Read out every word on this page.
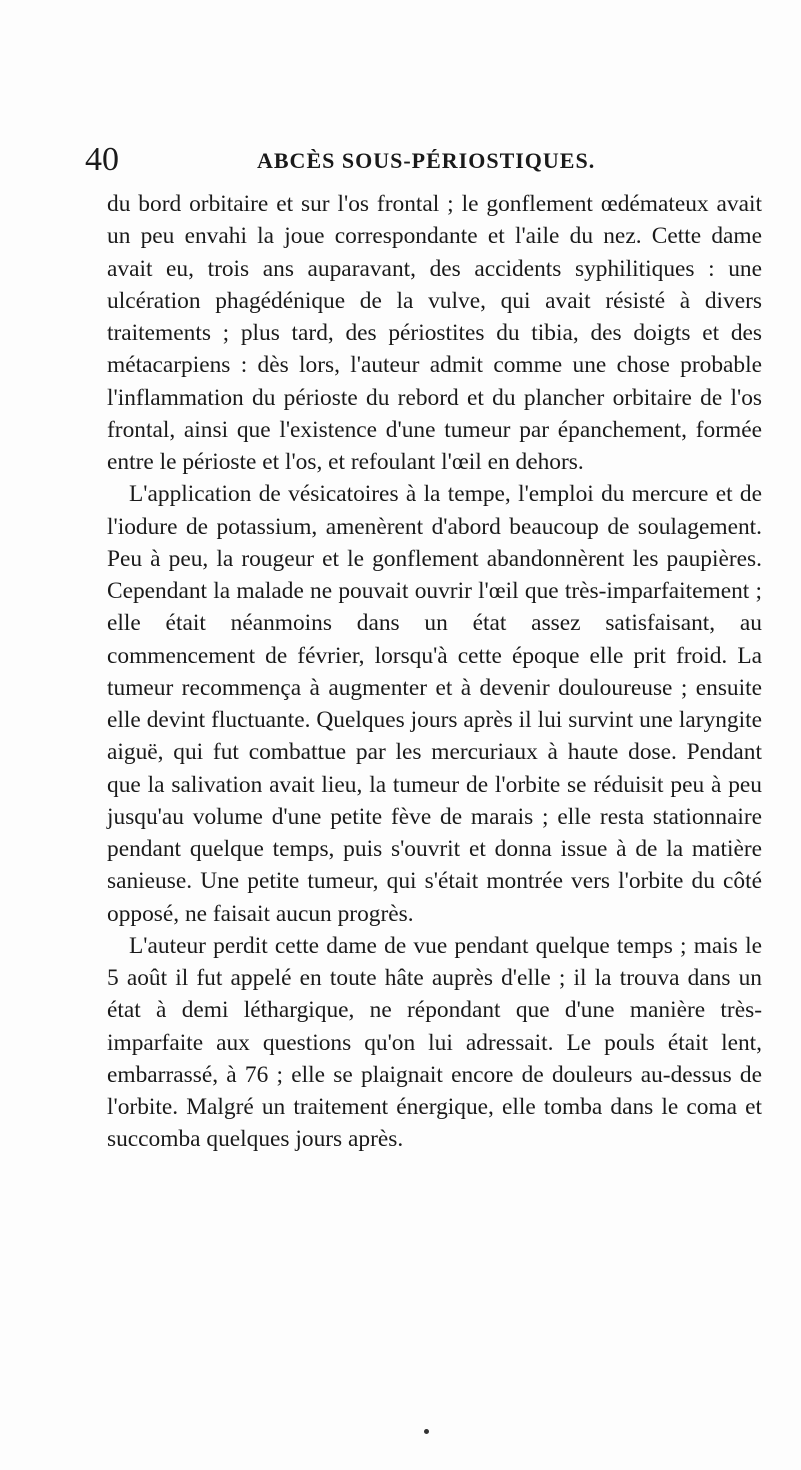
40	ABCÈS SOUS-PÉRIOSTIQUES.

du bord orbitaire et sur l'os frontal ; le gonflement œdémateux avait un peu envahi la joue correspondante et l'aile du nez. Cette dame avait eu, trois ans auparavant, des accidents syphilitiques : une ulcération phagédénique de la vulve, qui avait résisté à divers traitements ; plus tard, des périostites du tibia, des doigts et des métacarpiens : dès lors, l'auteur admit comme une chose probable l'inflammation du périoste du rebord et du plancher orbitaire de l'os frontal, ainsi que l'existence d'une tumeur par épanchement, formée entre le périoste et l'os, et refoulant l'œil en dehors.

L'application de vésicatoires à la tempe, l'emploi du mercure et de l'iodure de potassium, amenèrent d'abord beaucoup de soulagement. Peu à peu, la rougeur et le gonflement abandonnèrent les paupières. Cependant la malade ne pouvait ouvrir l'œil que très-imparfaitement ; elle était néanmoins dans un état assez satisfaisant, au commencement de février, lorsqu'à cette époque elle prit froid. La tumeur recommença à augmenter et à devenir douloureuse ; ensuite elle devint fluctuante. Quelques jours après il lui survint une laryngite aiguë, qui fut combattue par les mercuriaux à haute dose. Pendant que la salivation avait lieu, la tumeur de l'orbite se réduisit peu à peu jusqu'au volume d'une petite fève de marais ; elle resta stationnaire pendant quelque temps, puis s'ouvrit et donna issue à de la matière sanieuse. Une petite tumeur, qui s'était montrée vers l'orbite du côté opposé, ne faisait aucun progrès.

L'auteur perdit cette dame de vue pendant quelque temps ; mais le 5 août il fut appelé en toute hâte auprès d'elle ; il la trouva dans un état à demi léthargique, ne répondant que d'une manière très-imparfaite aux questions qu'on lui adressait. Le pouls était lent, embarrassé, à 76 ; elle se plaignait encore de douleurs au-dessus de l'orbite. Malgré un traitement énergique, elle tomba dans le coma et succomba quelques jours après.
